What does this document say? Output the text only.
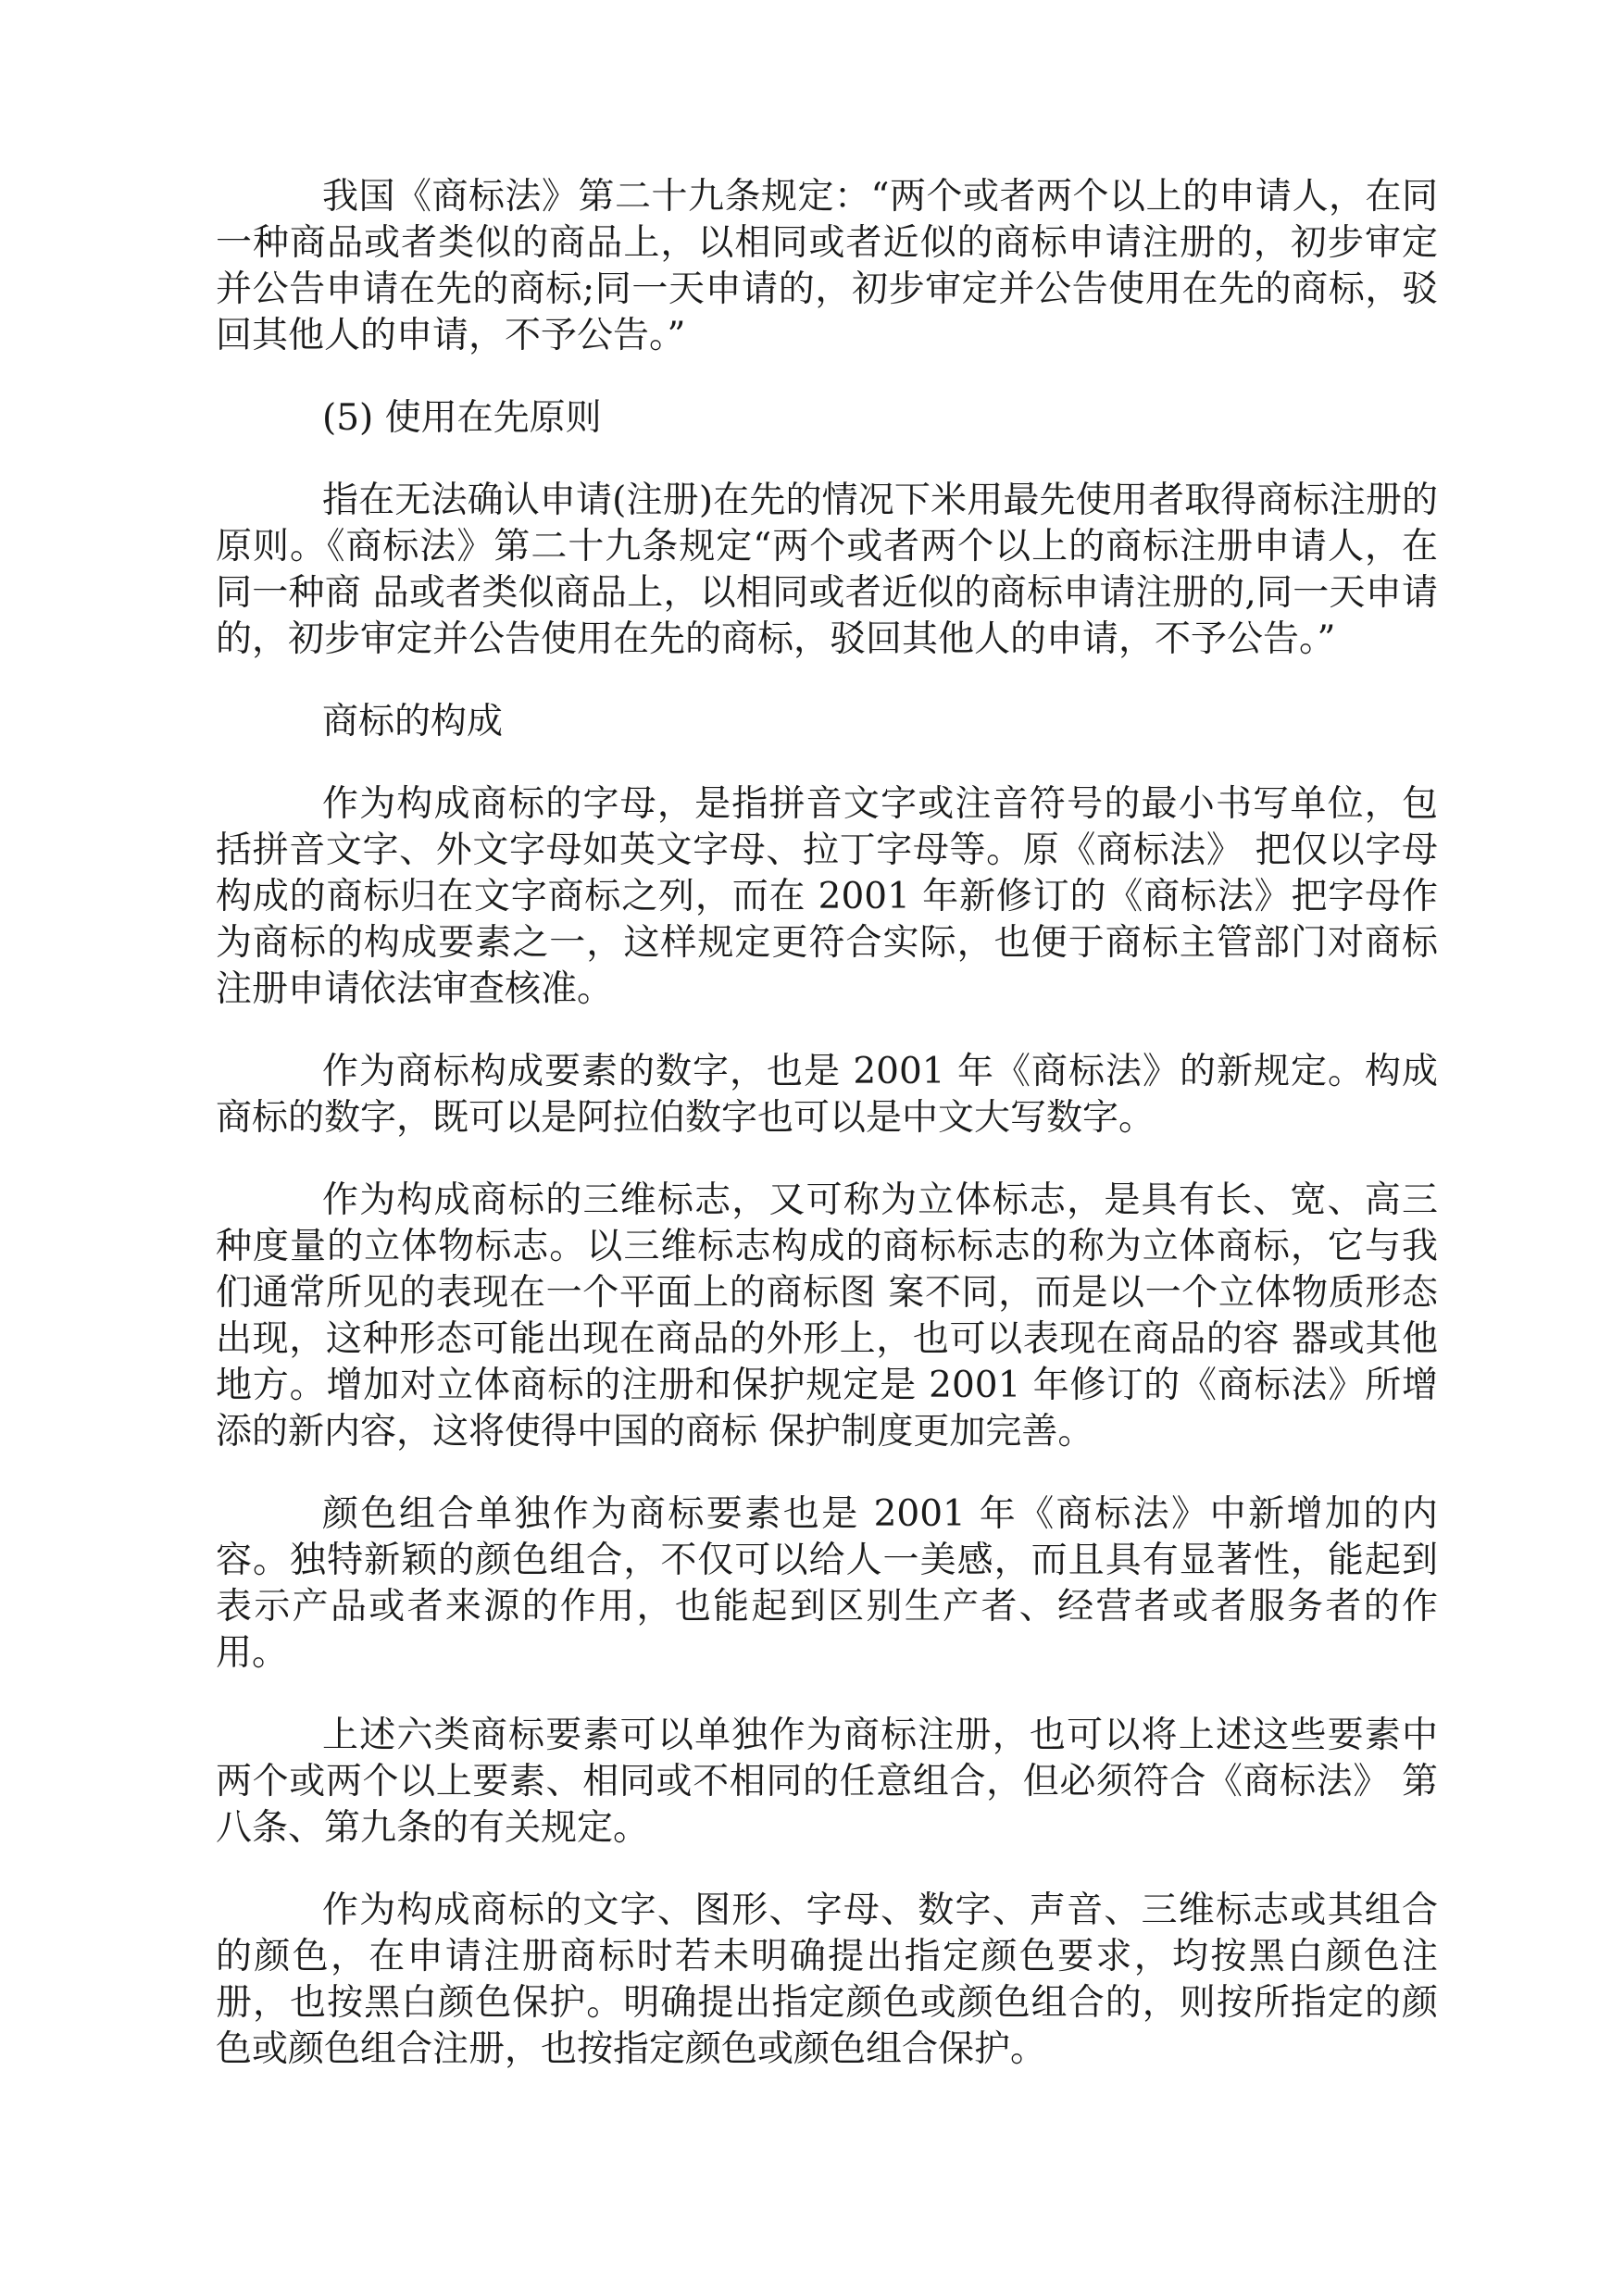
我国《商标法》第二十九条规定：“两个或者两个以上的申请人，在同一种商品或者类似的商品上，以相同或者近似的商标申请注册的，初步审定并公告申请在先的商标;同一天申请的，初步审定并公告使用在先的商标，驳回其他人的申请，不予公告。”

(5) 使用在先原则

指在无法确认申请(注册)在先的情况下米用最先使用者取得商标注册的原则。《商标法》第二十九条规定“两个或者两个以上的商标注册申请人，在同一种商 品或者类似商品上，以相同或者近似的商标申请注册的,同一天申请的，初步审定并公告使用在先的商标，驳回其他人的申请，不予公告。”

商标的构成

作为构成商标的字母，是指拼音文字或注音符号的最小书写单位，包括拼音文字、外文字母如英文字母、拉丁字母等。原《商标法》 把仅以字母构成的商标归在文字商标之列，而在 2001 年新修订的《商标法》把字母作为商标的构成要素之一，这样规定更符合实际，也便于商标主管部门对商标注册申请依法审查核准。

作为商标构成要素的数字，也是 2001 年《商标法》的新规定。构成商标的数字，既可以是阿拉伯数字也可以是中文大写数字。

作为构成商标的三维标志，又可称为立体标志，是具有长、宽、高三种度量的立体物标志。以三维标志构成的商标标志的称为立体商标，它与我们通常所见的表现在一个平面上的商标图 案不同，而是以一个立体物质形态出现，这种形态可能出现在商品的外形上，也可以表现在商品的容 器或其他地方。增加对立体商标的注册和保护规定是 2001 年修订的《商标法》所增添的新内容，这将使得中国的商标 保护制度更加完善。

颜色组合单独作为商标要素也是 2001 年《商标法》中新增加的内容。独特新颖的颜色组合，不仅可以给人一美感，而且具有显著性，能起到表示产品或者来源的作用，也能起到区别生产者、经营者或者服务者的作用。

上述六类商标要素可以单独作为商标注册，也可以将上述这些要素中两个或两个以上要素、相同或不相同的任意组合，但必须符合《商标法》 第八条、第九条的有关规定。

作为构成商标的文字、图形、字母、数字、声音、三维标志或其组合的颜色，在申请注册商标时若未明确提出指定颜色要求，均按黑白颜色注册，也按黑白颜色保护。明确提出指定颜色或颜色组合的，则按所指定的颜色或颜色组合注册，也按指定颜色或颜色组合保护。
